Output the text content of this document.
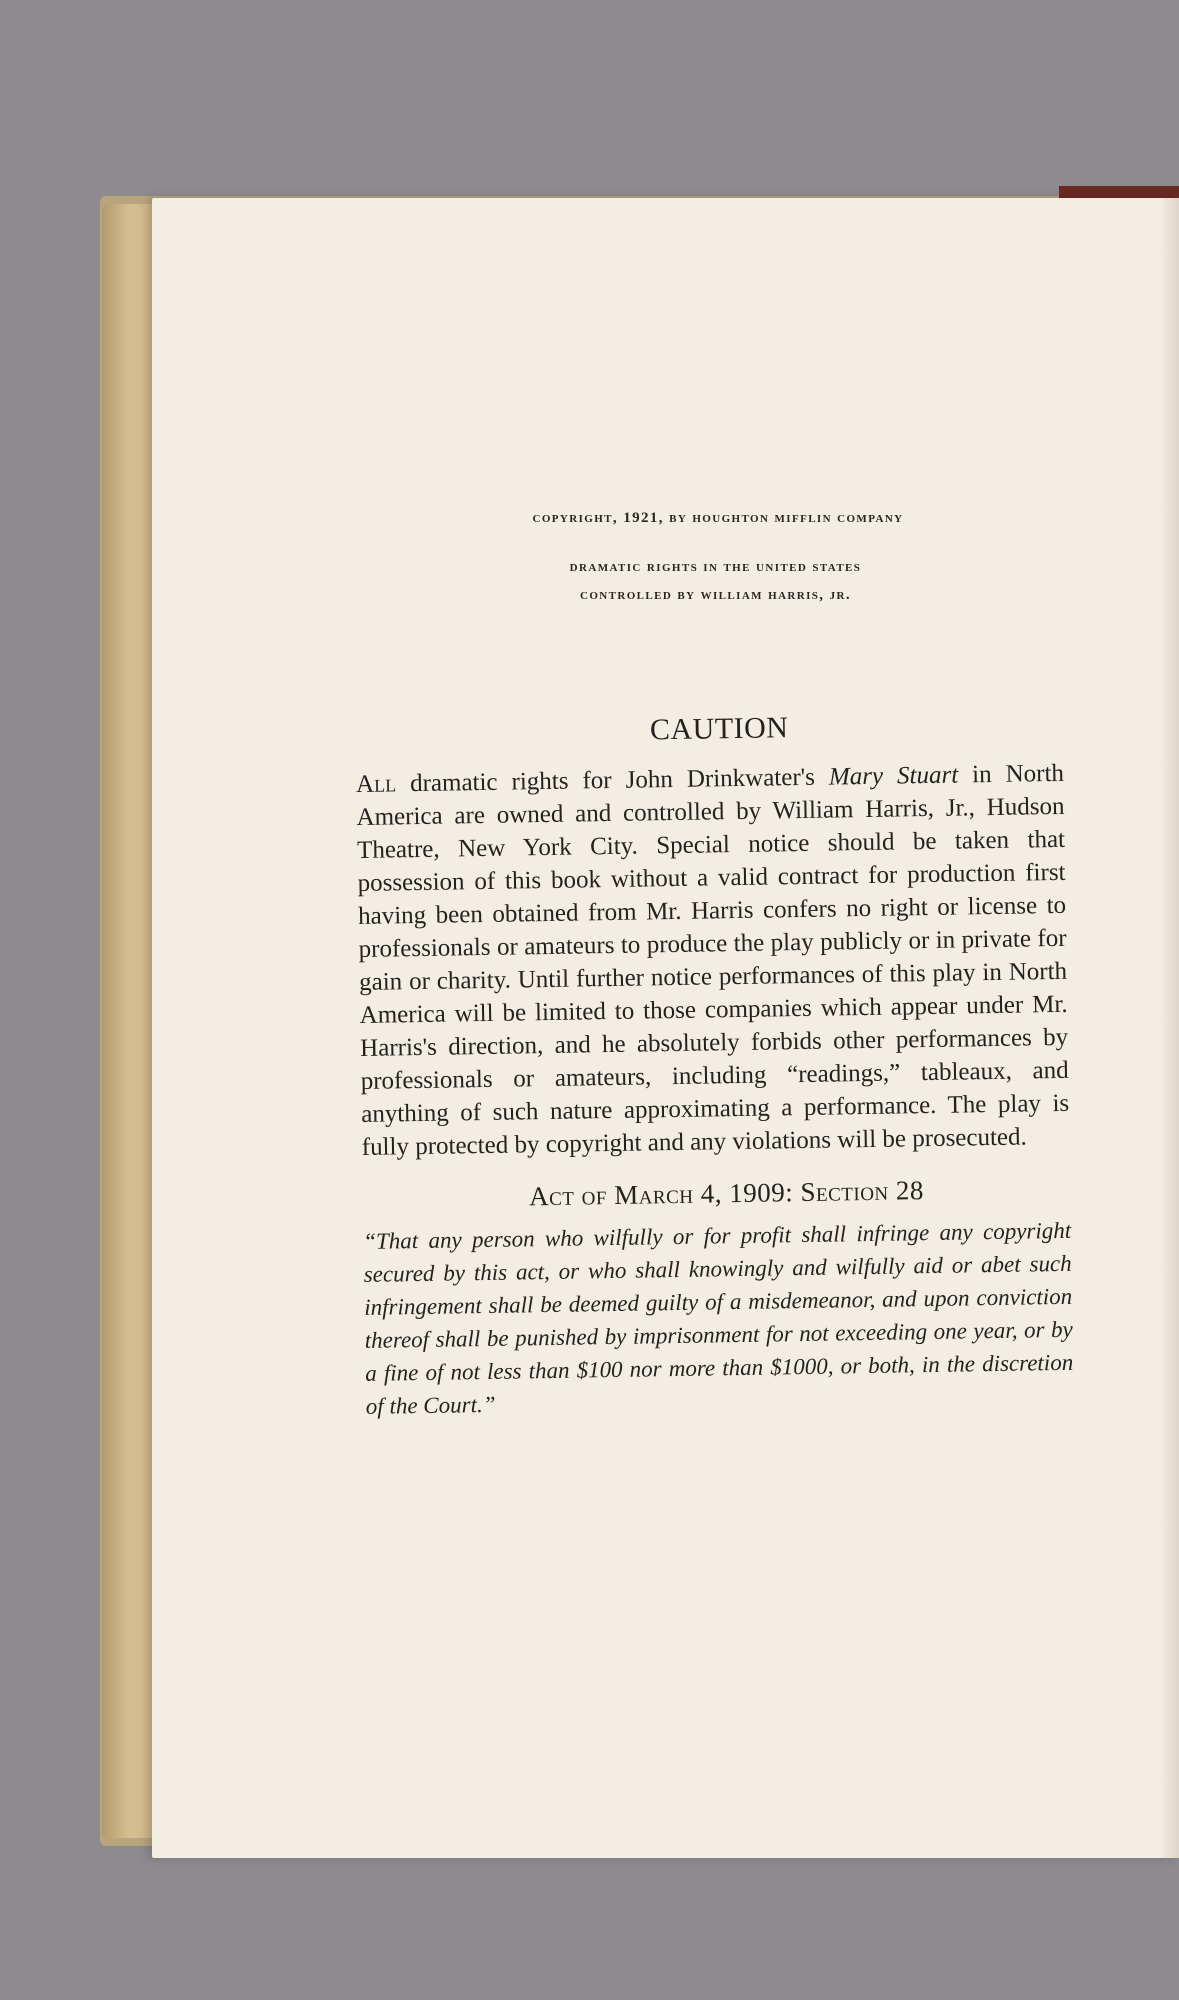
copyright, 1921, by houghton mifflin company
dramatic rights in the united states
controlled by william harris, jr.
CAUTION

All dramatic rights for John Drinkwater's Mary Stuart in North America are owned and controlled by William Harris, Jr., Hudson Theatre, New York City. Special notice should be taken that possession of this book without a valid contract for production first having been obtained from Mr. Harris confers no right or license to professionals or amateurs to produce the play publicly or in private for gain or charity. Until further notice performances of this play in North America will be limited to those companies which appear under Mr. Harris's direction, and he absolutely forbids other performances by professionals or amateurs, including “readings,” tableaux, and anything of such nature approximating a performance. The play is fully protected by copyright and any violations will be prosecuted.

Act of March 4, 1909: Section 28

“That any person who wilfully or for profit shall infringe any copyright secured by this act, or who shall knowingly and wilfully aid or abet such infringement shall be deemed guilty of a misdemeanor, and upon conviction thereof shall be punished by imprisonment for not exceeding one year, or by a fine of not less than $100 nor more than $1000, or both, in the discretion of the Court.”
